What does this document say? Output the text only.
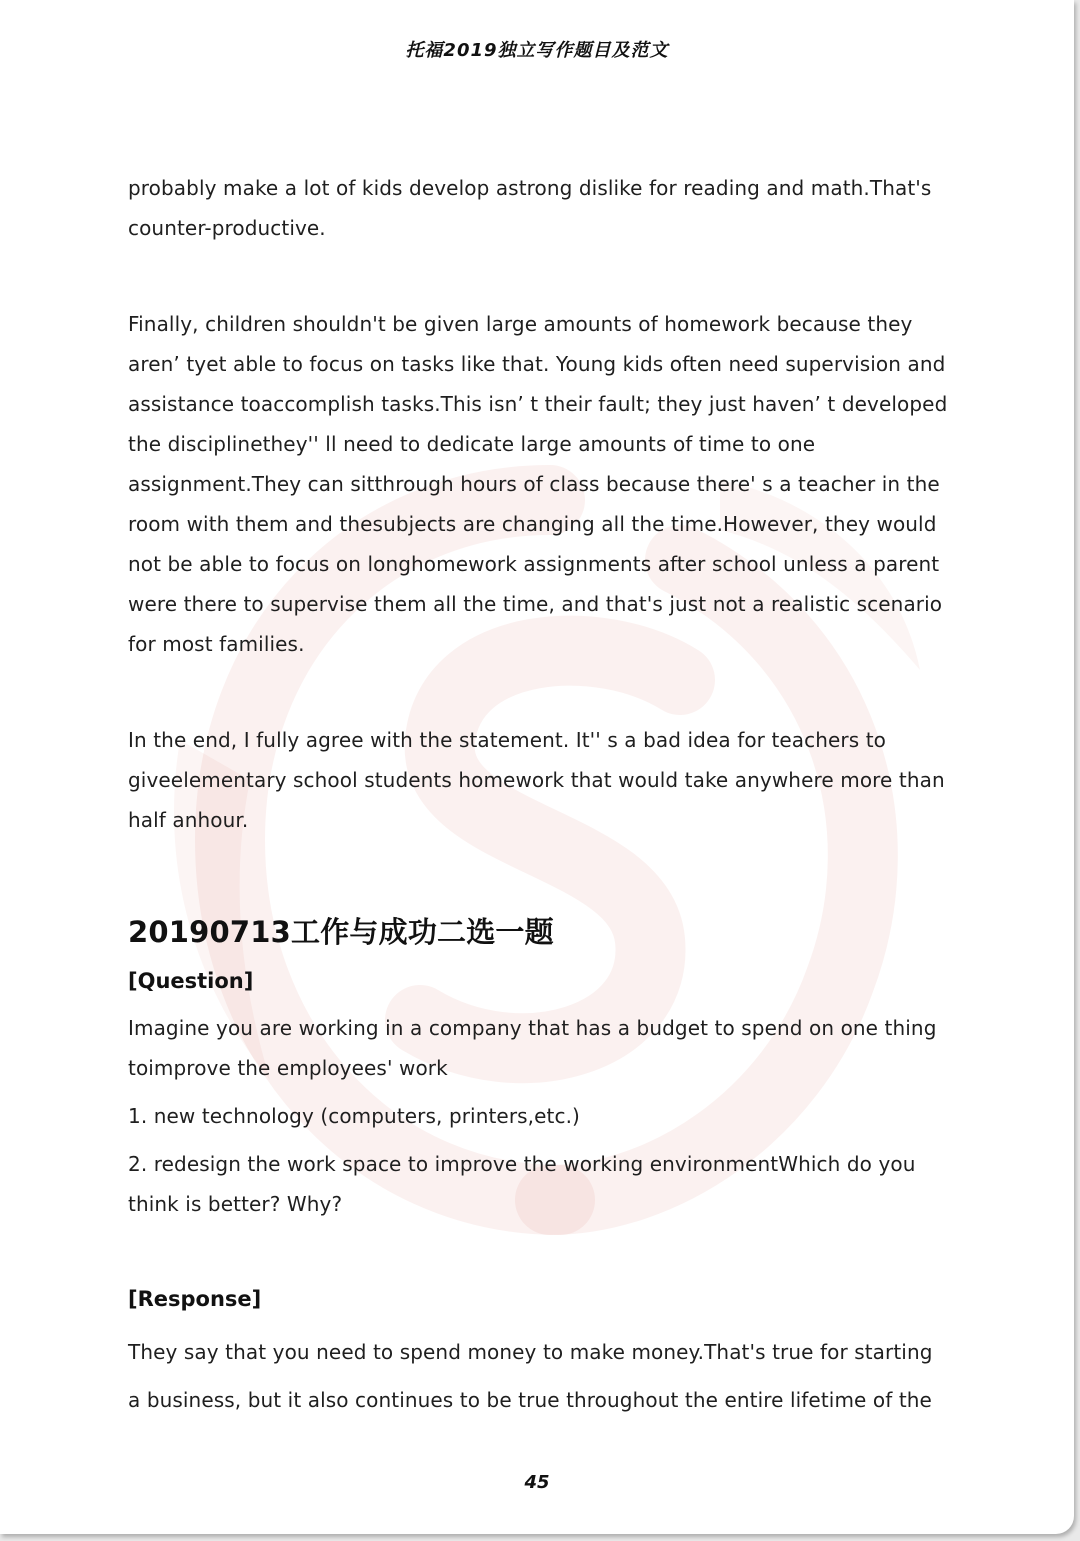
托福2019独立写作题目及范文

probably make a lot of kids develop astrong dislike for reading and math.That's counter-productive.

Finally, children shouldn't be given large amounts of homework because they aren’ tyet able to focus on tasks like that. Young kids often need supervision and assistance toaccomplish tasks.This isn’ t their fault; they just haven’ t developed the disciplinethey'' ll need to dedicate large amounts of time to one assignment.They can sitthrough hours of class because there' s a teacher in the room with them and thesubjects are changing all the time.However, they would not be able to focus on longhomework assignments after school unless a parent were there to supervise them all the time, and that's just not a realistic scenario for most families.

In the end, I fully agree with the statement. It'' s a bad idea for teachers to giveelementary school students homework that would take anywhere more than half anhour.

20190713工作与成功二选一题
[Question]

Imagine you are working in a company that has a budget to spend on one thing toimprove the employees' work

1. new technology (computers, printers,etc.)

2. redesign the work space to improve the working environmentWhich do you think is better? Why?

[Response]

They say that you need to spend money to make money.That's true for starting a business, but it also continues to be true throughout the entire lifetime of the

45
